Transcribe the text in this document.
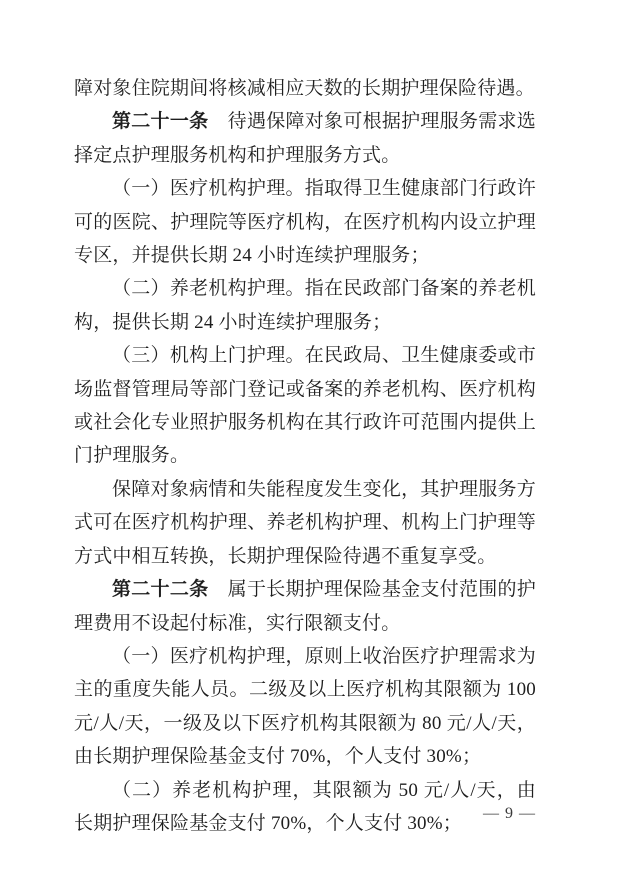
障对象住院期间将核减相应天数的长期护理保险待遇。

第二十一条　待遇保障对象可根据护理服务需求选择定点护理服务机构和护理服务方式。

（一）医疗机构护理。指取得卫生健康部门行政许可的医院、护理院等医疗机构，在医疗机构内设立护理专区，并提供长期 24 小时连续护理服务；

（二）养老机构护理。指在民政部门备案的养老机构，提供长期 24 小时连续护理服务；

（三）机构上门护理。在民政局、卫生健康委或市场监督管理局等部门登记或备案的养老机构、医疗机构或社会化专业照护服务机构在其行政许可范围内提供上门护理服务。

保障对象病情和失能程度发生变化，其护理服务方式可在医疗机构护理、养老机构护理、机构上门护理等方式中相互转换，长期护理保险待遇不重复享受。

第二十二条　属于长期护理保险基金支付范围的护理费用不设起付标准，实行限额支付。

（一）医疗机构护理，原则上收治医疗护理需求为主的重度失能人员。二级及以上医疗机构其限额为 100 元/人/天，一级及以下医疗机构其限额为 80 元/人/天，由长期护理保险基金支付 70%，个人支付 30%；

（二）养老机构护理，其限额为 50 元/人/天，由长期护理保险基金支付 70%，个人支付 30%；	— 9 —
